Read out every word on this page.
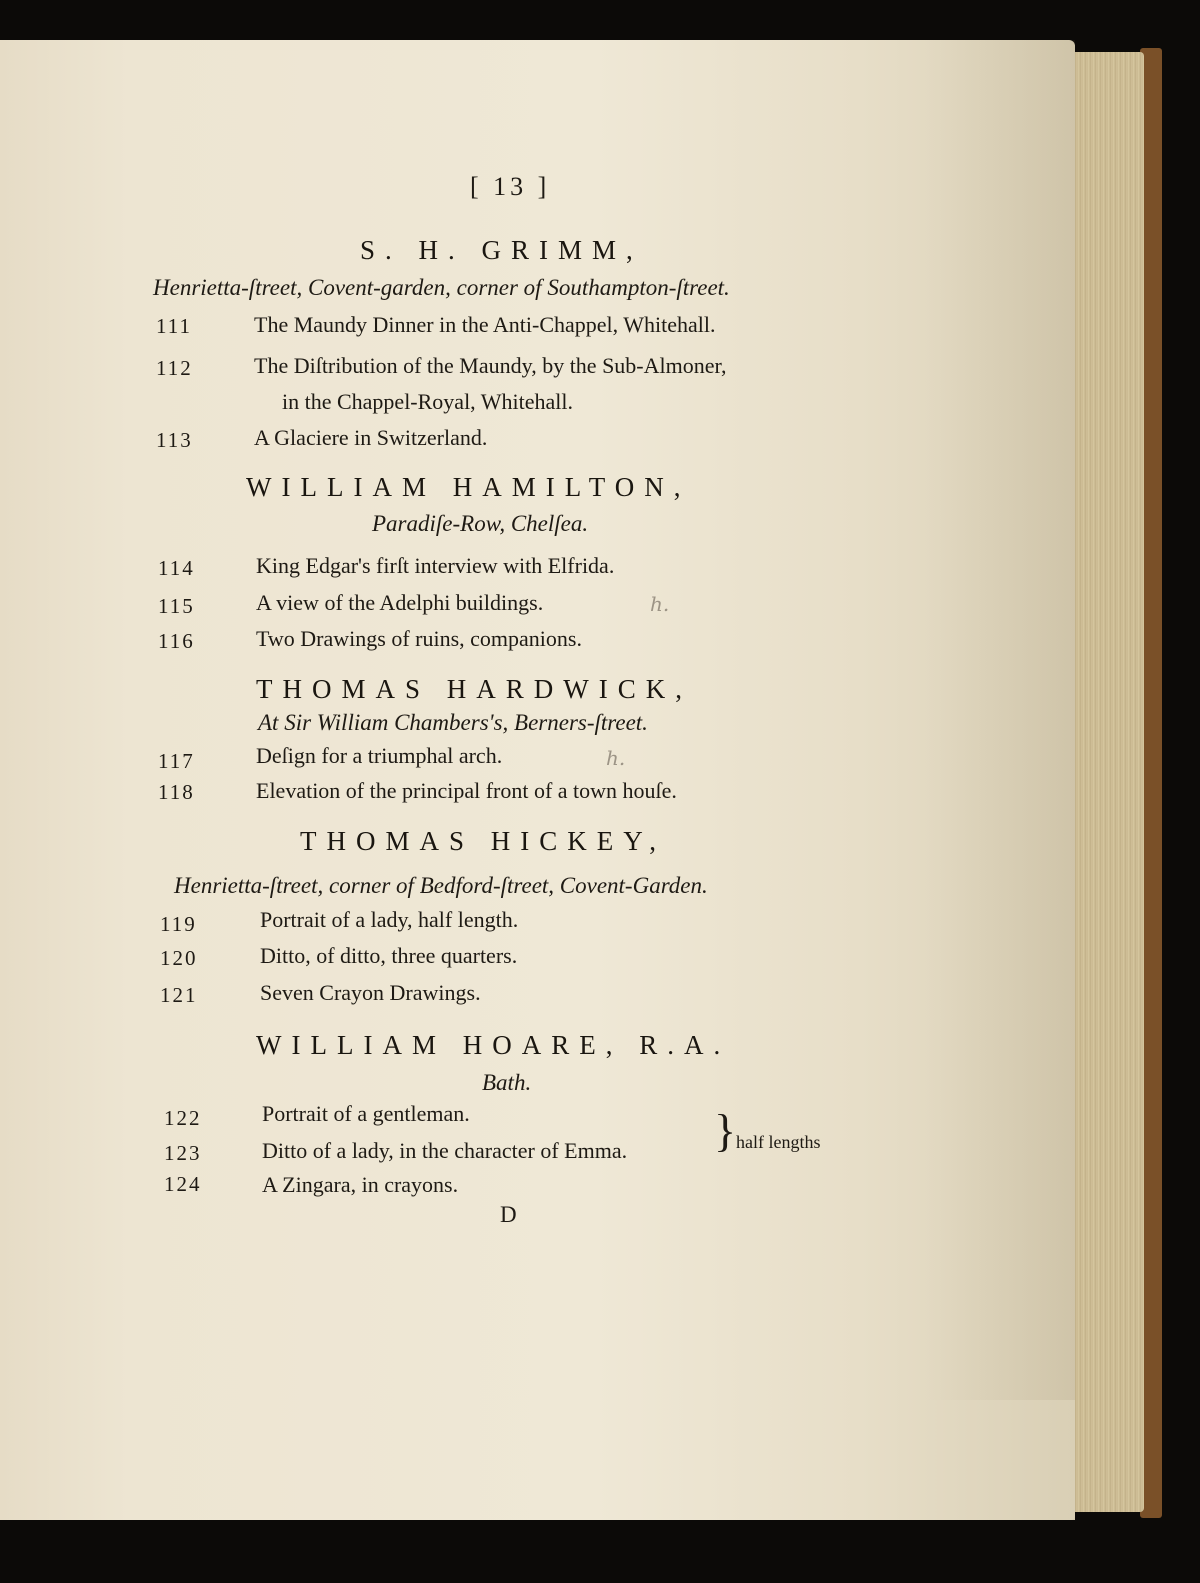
[ 13 ]
S. H. GRIMM,
Henrietta-ſtreet, Covent-garden, corner of Southampton-ſtreet.
111	The Maundy Dinner in the Anti-Chappel, Whitehall.
112	The Diſtribution of the Maundy, by the Sub-Almoner,
in the Chappel-Royal, Whitehall.
113	A Glaciere in Switzerland.
WILLIAM HAMILTON,
Paradiſe-Row, Chelſea.
114	King Edgar's firſt interview with Elfrida.
115	A view of the Adelphi buildings.	h.
116	Two Drawings of ruins, companions.
THOMAS HARDWICK,
At Sir William Chambers's, Berners-ſtreet.
117	Deſign for a triumphal arch.	h.
118	Elevation of the principal front of a town houſe.
THOMAS HICKEY,
Henrietta-ſtreet, corner of Bedford-ſtreet, Covent-Garden.
119	Portrait of a lady, half length.
120	Ditto, of ditto, three quarters.
121	Seven Crayon Drawings.
WILLIAM HOARE, R.A.
Bath.
122	Portrait of a gentleman.
123	Ditto of a lady, in the character of Emma.
124	A Zingara, in crayons.
} half lengths
D
